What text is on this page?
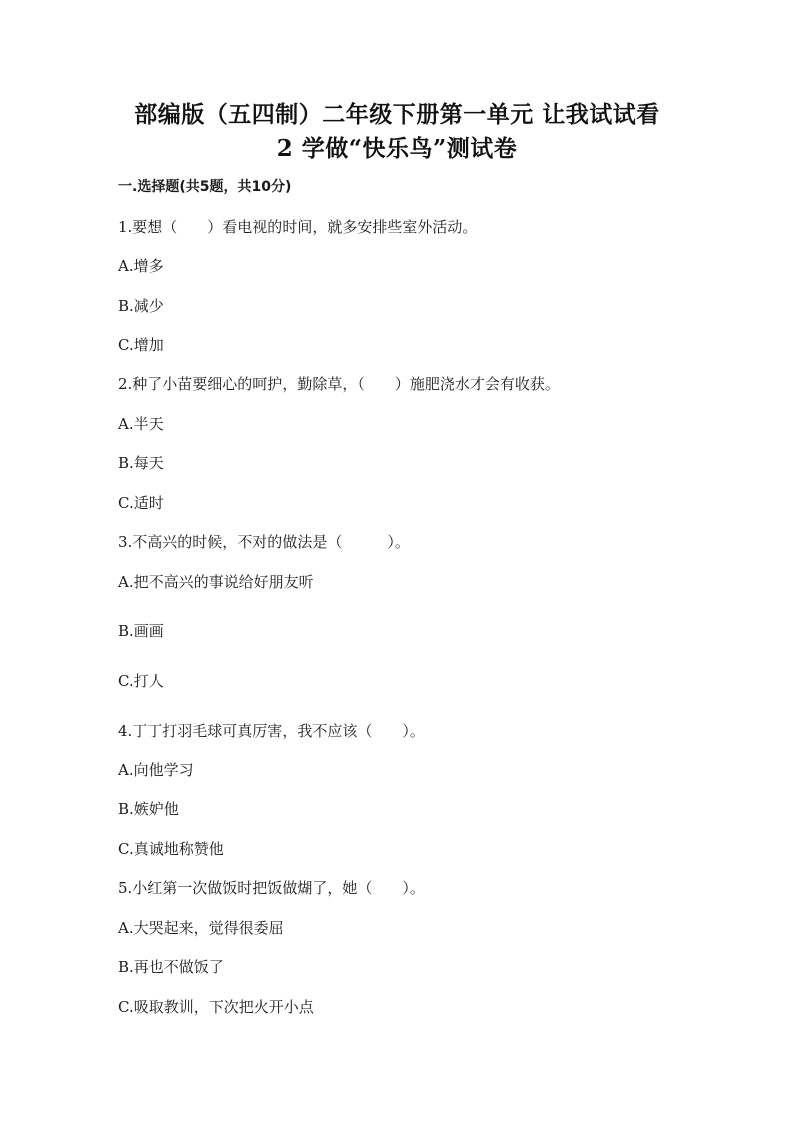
部编版（五四制）二年级下册第一单元 让我试试看
2 学做“快乐鸟”测试卷
一.选择题(共5题，共10分)
1.要想（　　）看电视的时间，就多安排些室外活动。
A.增多
B.减少
C.增加
2.种了小苗要细心的呵护，勤除草，（　　）施肥浇水才会有收获。
A.半天
B.每天
C.适时
3.不高兴的时候，不对的做法是（　　　）。
A.把不高兴的事说给好朋友听
B.画画
C.打人
4.丁丁打羽毛球可真厉害，我不应该（　　）。
A.向他学习
B.嫉妒他
C.真诚地称赞他
5.小红第一次做饭时把饭做煳了，她（　　）。
A.大哭起来，觉得很委屈
B.再也不做饭了
C.吸取教训，下次把火开小点
